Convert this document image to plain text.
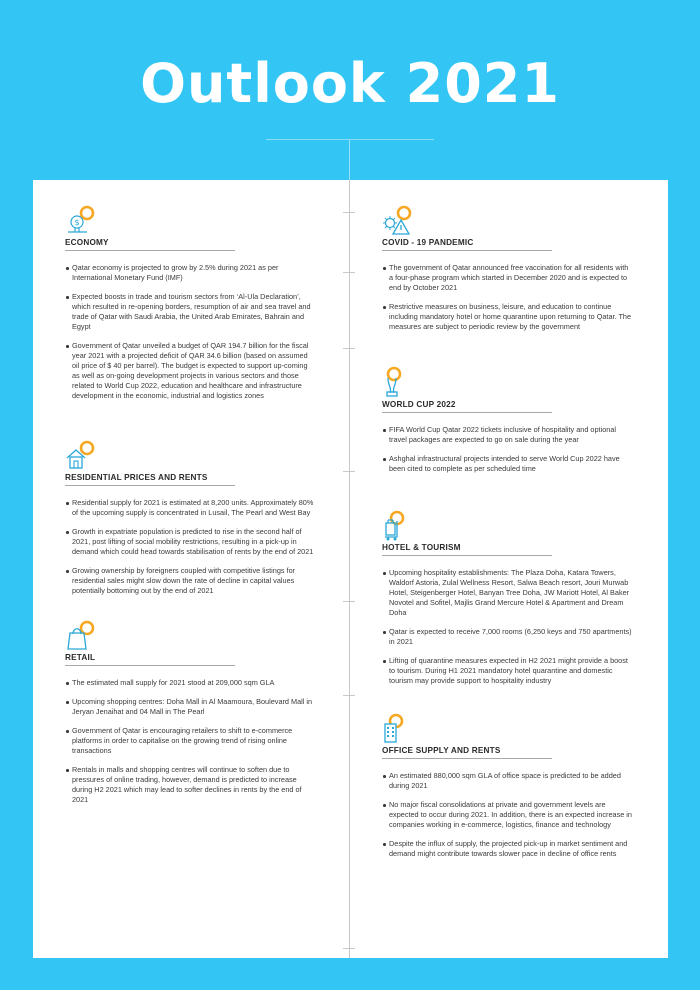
Outlook 2021
$
ECONOMY
Qatar economy is projected to grow by 2.5% during 2021 as per International Monetary Fund (IMF)
Expected boosts in trade and tourism sectors from ‘Al-Ula Declaration’, which resulted in re-opening borders, resumption of air and sea travel and trade of Qatar with Saudi Arabia, the United Arab Emirates, Bahrain and Egypt
Government of Qatar unveiled a budget of QAR 194.7 billion for the fiscal year 2021 with a projected deficit of QAR 34.6 billion (based on assumed oil price of $ 40 per barrel). The budget is expected to support up-coming as well as on-going development projects in various sectors and those related to World Cup 2022, education and healthcare and infrastructure development in the economic, industrial and logistics zones
RESIDENTIAL PRICES AND RENTS
Residential supply for 2021 is estimated at 8,200 units. Approximately 80% of the upcoming supply is concentrated in Lusail, The Pearl and West Bay
Growth in expatriate population is predicted to rise in the second half of 2021, post lifting of social mobility restrictions, resulting in a pick-up in demand which could head towards stabilisation of rents by the end of 2021
Growing ownership by foreigners coupled with competitive listings for residential sales might slow down the rate of decline in capital values potentially bottoming out by the end of 2021
RETAIL
The estimated mall supply for 2021 stood at 209,000 sqm GLA
Upcoming shopping centres: Doha Mall in Al Maamoura, Boulevard Mall in Jeryan Jenaihat and 04 Mall in The Pearl
Government of Qatar is encouraging retailers to shift to e-commerce platforms in order to capitalise on the growing trend of rising online transactions
Rentals in malls and shopping centres will continue to soften due to pressures of online trading, however, demand is predicted to increase during H2 2021 which may lead to softer declines in rents by the end of 2021
COVID - 19 PANDEMIC
The government of Qatar announced free vaccination for all residents with a four-phase program which started in December 2020 and is expected to end by October 2021
Restrictive measures on business, leisure, and education to continue including mandatory hotel or home quarantine upon returning to Qatar. The measures are subject to periodic review by the government
WORLD CUP 2022
FIFA World Cup Qatar 2022 tickets inclusive of hospitality and optional travel packages are expected to go on sale during the year
Ashghal infrastructural projects intended to serve World Cup 2022 have been cited to complete as per scheduled time
HOTEL & TOURISM
Upcoming hospitality establishments: The Plaza Doha, Katara Towers, Waldorf Astoria, Zulal Wellness Resort, Salwa Beach resort, Jouri Murwab Hotel, Steigenberger Hotel, Banyan Tree Doha, JW Mariott Hotel, Al Baker Novotel and Sofitel, Majlis Grand Mercure Hotel & Apartment and Dream Doha
Qatar is expected to receive 7,000 rooms (6,250 keys and 750 apartments) in 2021
Lifting of quarantine measures expected in H2 2021 might provide a boost to tourism. During H1 2021 mandatory hotel quarantine and domestic tourism may provide support to hospitality industry
OFFICE SUPPLY AND RENTS
An estimated 880,000 sqm GLA of office space is predicted to be added during 2021
No major fiscal consolidations at private and government levels are expected to occur during 2021. In addition, there is an expected increase in companies working in e-commerce, logistics, finance and technology
Despite the influx of supply, the projected pick-up in market sentiment and demand might contribute towards slower pace in decline of office rents
